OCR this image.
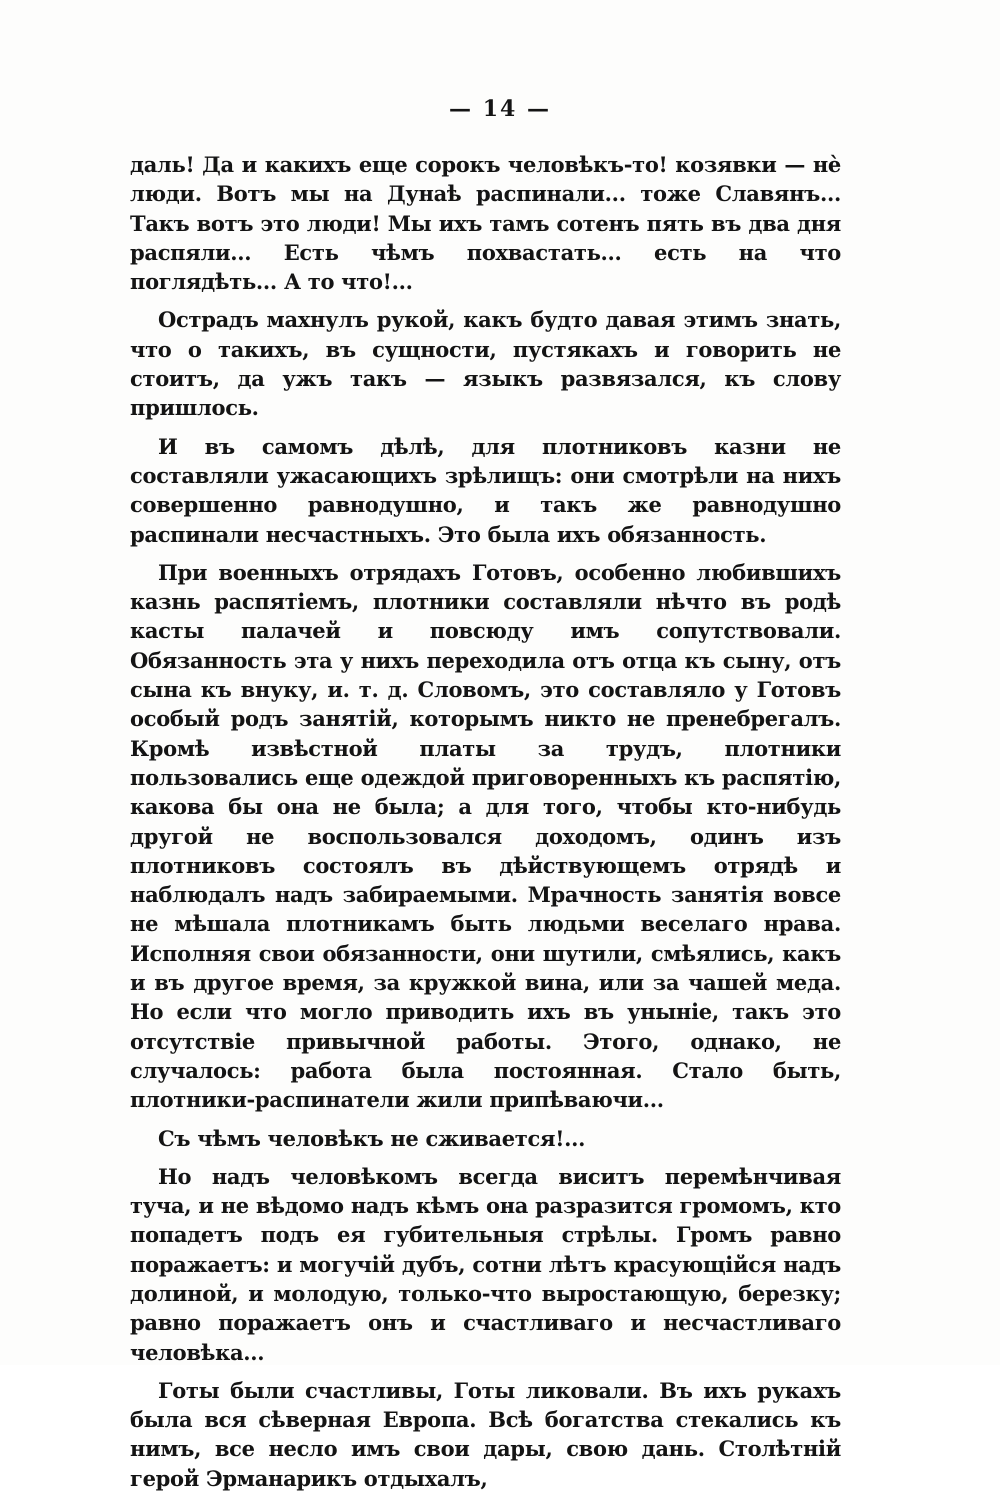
— 14 —

даль! Да и какихъ еще сорокъ человѣкъ-то! козявки — нѐ люди. Вотъ мы на Дунаѣ распинали... тоже Славянъ... Такъ вотъ это люди! Мы ихъ тамъ сотенъ пять въ два дня распяли... Есть чѣмъ похвастать... есть на что поглядѣть... А то что!...

Острадъ махнулъ рукой, какъ будто давая этимъ знать, что о такихъ, въ сущности, пустякахъ и говорить не стоитъ, да ужъ такъ — языкъ развязался, къ слову пришлось.

И въ самомъ дѣлѣ, для плотниковъ казни не составляли ужасающихъ зрѣлищъ: они смотрѣли на нихъ совершенно равнодушно, и такъ же равнодушно распинали несчастныхъ. Это была ихъ обязанность.

При военныхъ отрядахъ Готовъ, особенно любившихъ казнь распятіемъ, плотники составляли нѣчто въ родѣ касты палачей и повсюду имъ сопутствовали. Обязанность эта у нихъ переходила отъ отца къ сыну, отъ сына къ внуку, и. т. д. Словомъ, это составляло у Готовъ особый родъ занятій, которымъ никто не пренебрегалъ. Кромѣ извѣстной платы за трудъ, плотники пользовались еще одеждой приговоренныхъ къ распятію, какова бы она не была; а для того, чтобы кто-нибудь другой не воспользовался доходомъ, одинъ изъ плотниковъ состоялъ въ дѣйствующемъ отрядѣ и наблюдалъ надъ забираемыми. Мрачность занятія вовсе не мѣшала плотникамъ быть людьми веселаго нрава. Исполняя свои обязанности, они шутили, смѣялись, какъ и въ другое время, за кружкой вина, или за чашей меда. Но если что могло приводить ихъ въ уныніе, такъ это отсутствіе привычной работы. Этого, однако, не случалось: работа была постоянная. Стало быть, плотники-распинатели жили припѣваючи...

Съ чѣмъ человѣкъ не сживается!...

Но надъ человѣкомъ всегда виситъ перемѣнчивая туча, и не вѣдомо надъ кѣмъ она разразится громомъ, кто попадетъ подъ ея губительныя стрѣлы. Громъ равно поражаетъ: и могучій дубъ, сотни лѣтъ красующійся надъ долиной, и молодую, только-что выростающую, березку; равно поражаетъ онъ и счастливаго и несчастливаго человѣка...

Готы были счастливы, Готы ликовали. Въ ихъ рукахъ была вся сѣверная Европа. Всѣ богатства стекались къ нимъ, все несло имъ свои дары, свою дань. Столѣтній герой Эрманарикъ отдыхалъ,
